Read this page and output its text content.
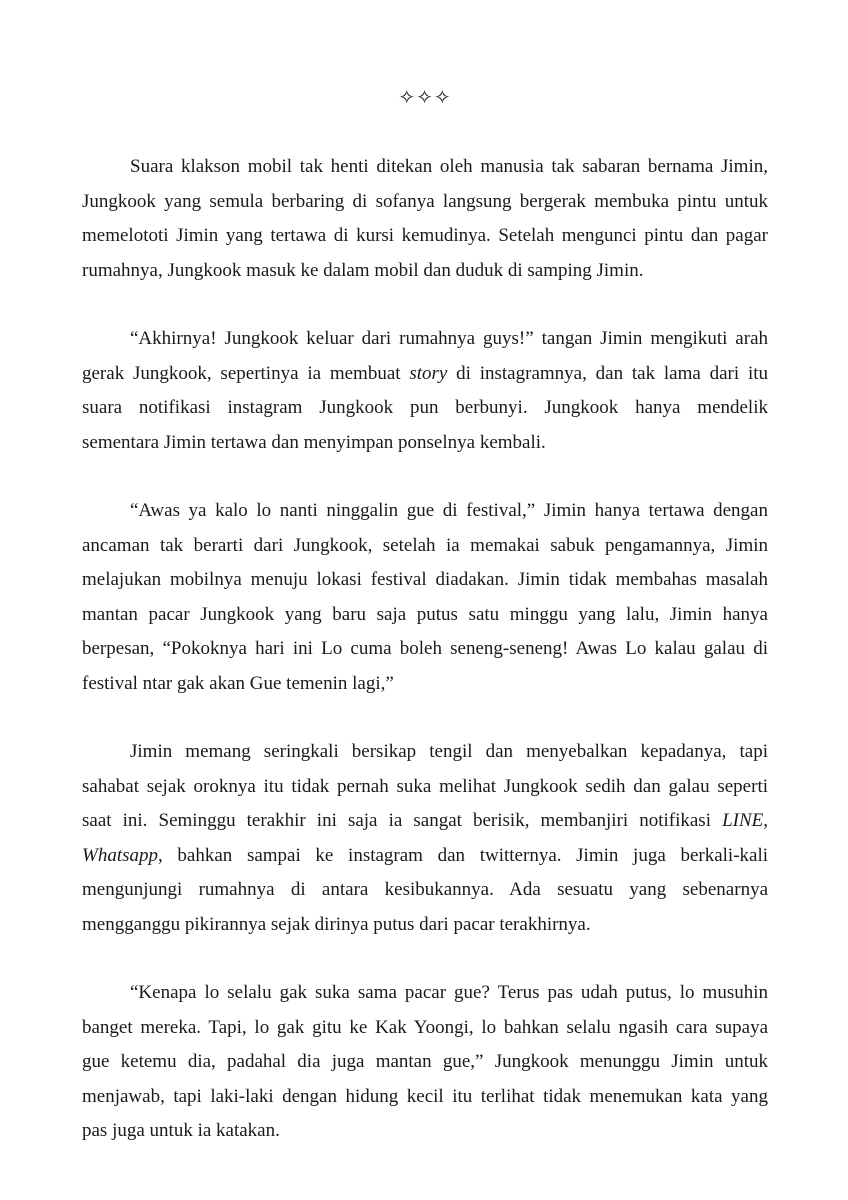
✧✧✧

Suara klakson mobil tak henti ditekan oleh manusia tak sabaran bernama Jimin,
Jungkook yang semula berbaring di sofanya langsung bergerak membuka pintu untuk
memelototi Jimin yang tertawa di kursi kemudinya. Setelah mengunci pintu dan pagar
rumahnya, Jungkook masuk ke dalam mobil dan duduk di samping Jimin.

“Akhirnya! Jungkook keluar dari rumahnya guys!” tangan Jimin mengikuti arah
gerak Jungkook, sepertinya ia membuat story di instagramnya, dan tak lama dari itu
suara notifikasi instagram Jungkook pun berbunyi. Jungkook hanya mendelik
sementara Jimin tertawa dan menyimpan ponselnya kembali.

“Awas ya kalo lo nanti ninggalin gue di festival,” Jimin hanya tertawa dengan
ancaman tak berarti dari Jungkook, setelah ia memakai sabuk pengamannya, Jimin
melajukan mobilnya menuju lokasi festival diadakan. Jimin tidak membahas masalah
mantan pacar Jungkook yang baru saja putus satu minggu yang lalu, Jimin hanya
berpesan, “Pokoknya hari ini Lo cuma boleh seneng-seneng! Awas Lo kalau galau di
festival ntar gak akan Gue temenin lagi,”

Jimin memang seringkali bersikap tengil dan menyebalkan kepadanya, tapi
sahabat sejak oroknya itu tidak pernah suka melihat Jungkook sedih dan galau seperti
saat ini. Seminggu terakhir ini saja ia sangat berisik, membanjiri notifikasi LINE,
Whatsapp, bahkan sampai ke instagram dan twitternya. Jimin juga berkali-kali
mengunjungi rumahnya di antara kesibukannya. Ada sesuatu yang sebenarnya
mengganggu pikirannya sejak dirinya putus dari pacar terakhirnya.

“Kenapa lo selalu gak suka sama pacar gue? Terus pas udah putus, lo musuhin
banget mereka. Tapi, lo gak gitu ke Kak Yoongi, lo bahkan selalu ngasih cara supaya
gue ketemu dia, padahal dia juga mantan gue,” Jungkook menunggu Jimin untuk
menjawab, tapi laki-laki dengan hidung kecil itu terlihat tidak menemukan kata yang
pas juga untuk ia katakan.
